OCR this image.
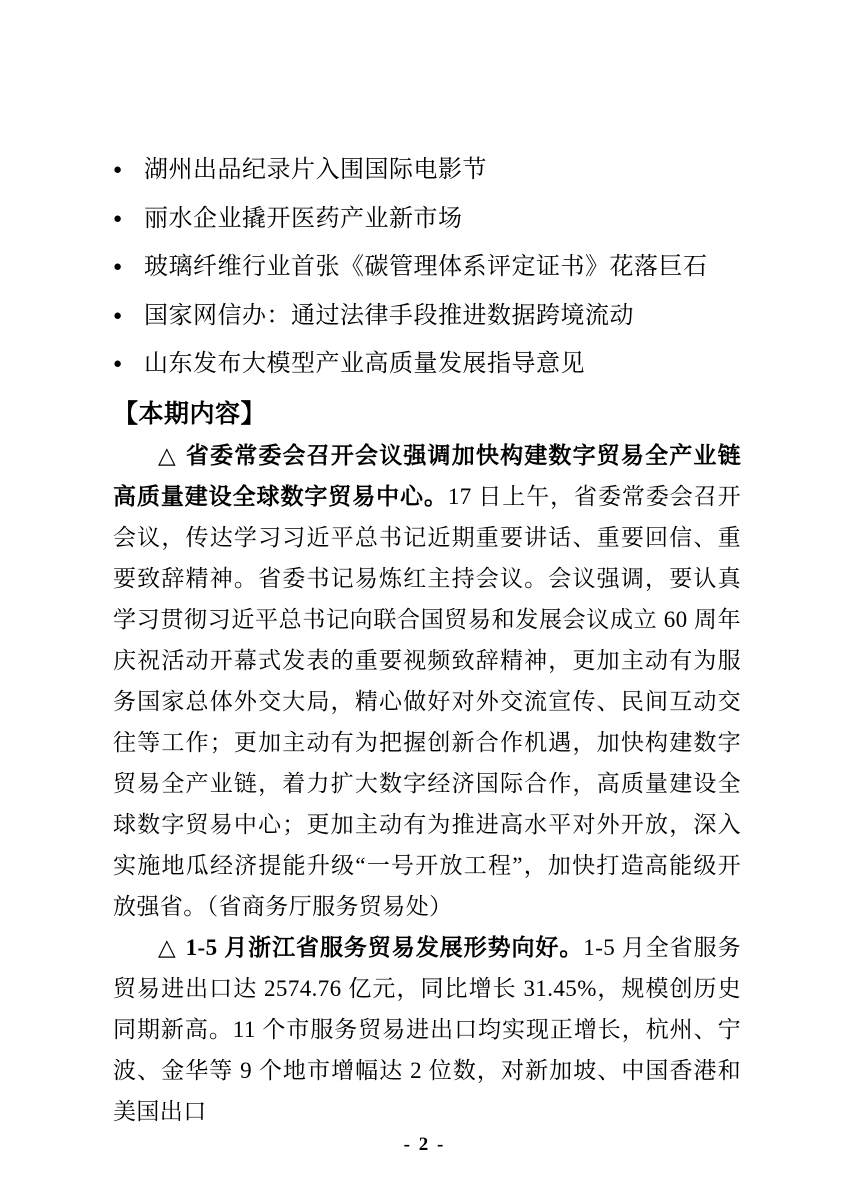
● 湖州出品纪录片入围国际电影节
● 丽水企业撬开医药产业新市场
● 玻璃纤维行业首张《碳管理体系评定证书》花落巨石
● 国家网信办：通过法律手段推进数据跨境流动
● 山东发布大模型产业高质量发展指导意见
【本期内容】

△ 省委常委会召开会议强调加快构建数字贸易全产业链高质量建设全球数字贸易中心。17 日上午，省委常委会召开会议，传达学习习近平总书记近期重要讲话、重要回信、重要致辞精神。省委书记易炼红主持会议。会议强调，要认真学习贯彻习近平总书记向联合国贸易和发展会议成立 60 周年庆祝活动开幕式发表的重要视频致辞精神，更加主动有为服务国家总体外交大局，精心做好对外交流宣传、民间互动交往等工作；更加主动有为把握创新合作机遇，加快构建数字贸易全产业链，着力扩大数字经济国际合作，高质量建设全球数字贸易中心；更加主动有为推进高水平对外开放，深入实施地瓜经济提能升级“一号开放工程”，加快打造高能级开放强省。（省商务厅服务贸易处）

△ 1-5 月浙江省服务贸易发展形势向好。1-5 月全省服务贸易进出口达 2574.76 亿元，同比增长 31.45%，规模创历史同期新高。11 个市服务贸易进出口均实现正增长，杭州、宁波、金华等 9 个地市增幅达 2 位数，对新加坡、中国香港和美国出口

- 2 -
